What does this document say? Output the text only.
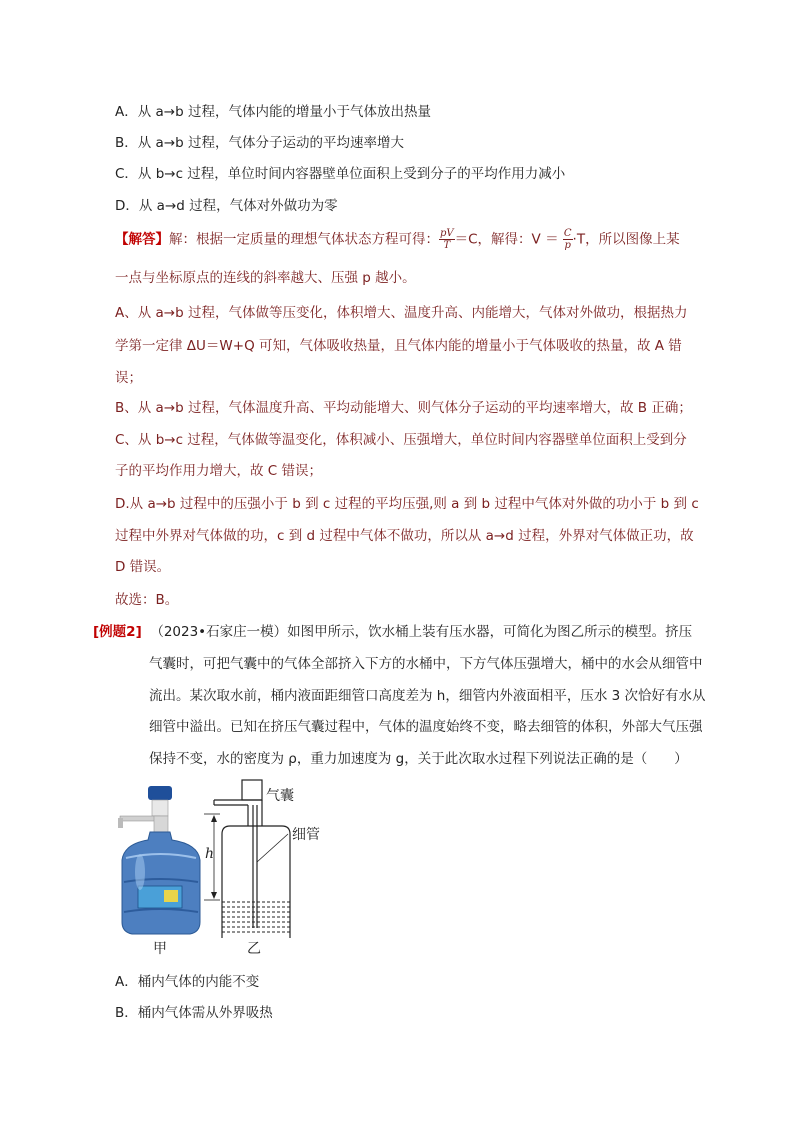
A．从 a→b 过程，气体内能的增量小于气体放出热量
B．从 a→b 过程，气体分子运动的平均速率增大
C．从 b→c 过程，单位时间内容器壁单位面积上受到分子的平均作用力减小
D．从 a→d 过程，气体对外做功为零
【解答】解：根据一定质量的理想气体状态方程可得： $\frac{pV}{T} =C$，解得：$V = \frac{C}{p} \cdot T$，所以图像上某
一点与坐标原点的连线的斜率越大、压强 p 越小。
A、从 a→b 过程，气体做等压变化，体积增大、温度升高、内能增大，气体对外做功，根据热力
学第一定律 ΔU＝W+Q 可知，气体吸收热量，且气体内能的增量小于气体吸收的热量，故 A 错
误；
B、从 a→b 过程，气体温度升高、平均动能增大、则气体分子运动的平均速率增大，故 B 正确；
C、从 b→c 过程，气体做等温变化，体积减小、压强增大，单位时间内容器壁单位面积上受到分
子的平均作用力增大，故 C 错误；
D.从 a→b 过程中的压强小于 b 到 c 过程的平均压强,则 a 到 b 过程中气体对外做的功小于 b 到 c
过程中外界对气体做的功，c 到 d 过程中气体不做功，所以从 a→d 过程，外界对气体做正功，故
D 错误。
故选：B。
[例题2] （2023•石家庄一模）如图甲所示，饮水桶上装有压水器，可简化为图乙所示的模型。挤压
气囊时，可把气囊中的气体全部挤入下方的水桶中，下方气体压强增大，桶中的水会从细管中
流出。某次取水前，桶内液面距细管口高度差为 h，细管内外液面相平，压水 3 次恰好有水从
细管中溢出。已知在挤压气囊过程中，气体的温度始终不变，略去细管的体积，外部大气压强
保持不变，水的密度为 ρ，重力加速度为 g，关于此次取水过程下列说法正确的是（　　）
甲
气囊
细管
h
乙
A．桶内气体的内能不变
B．桶内气体需从外界吸热
